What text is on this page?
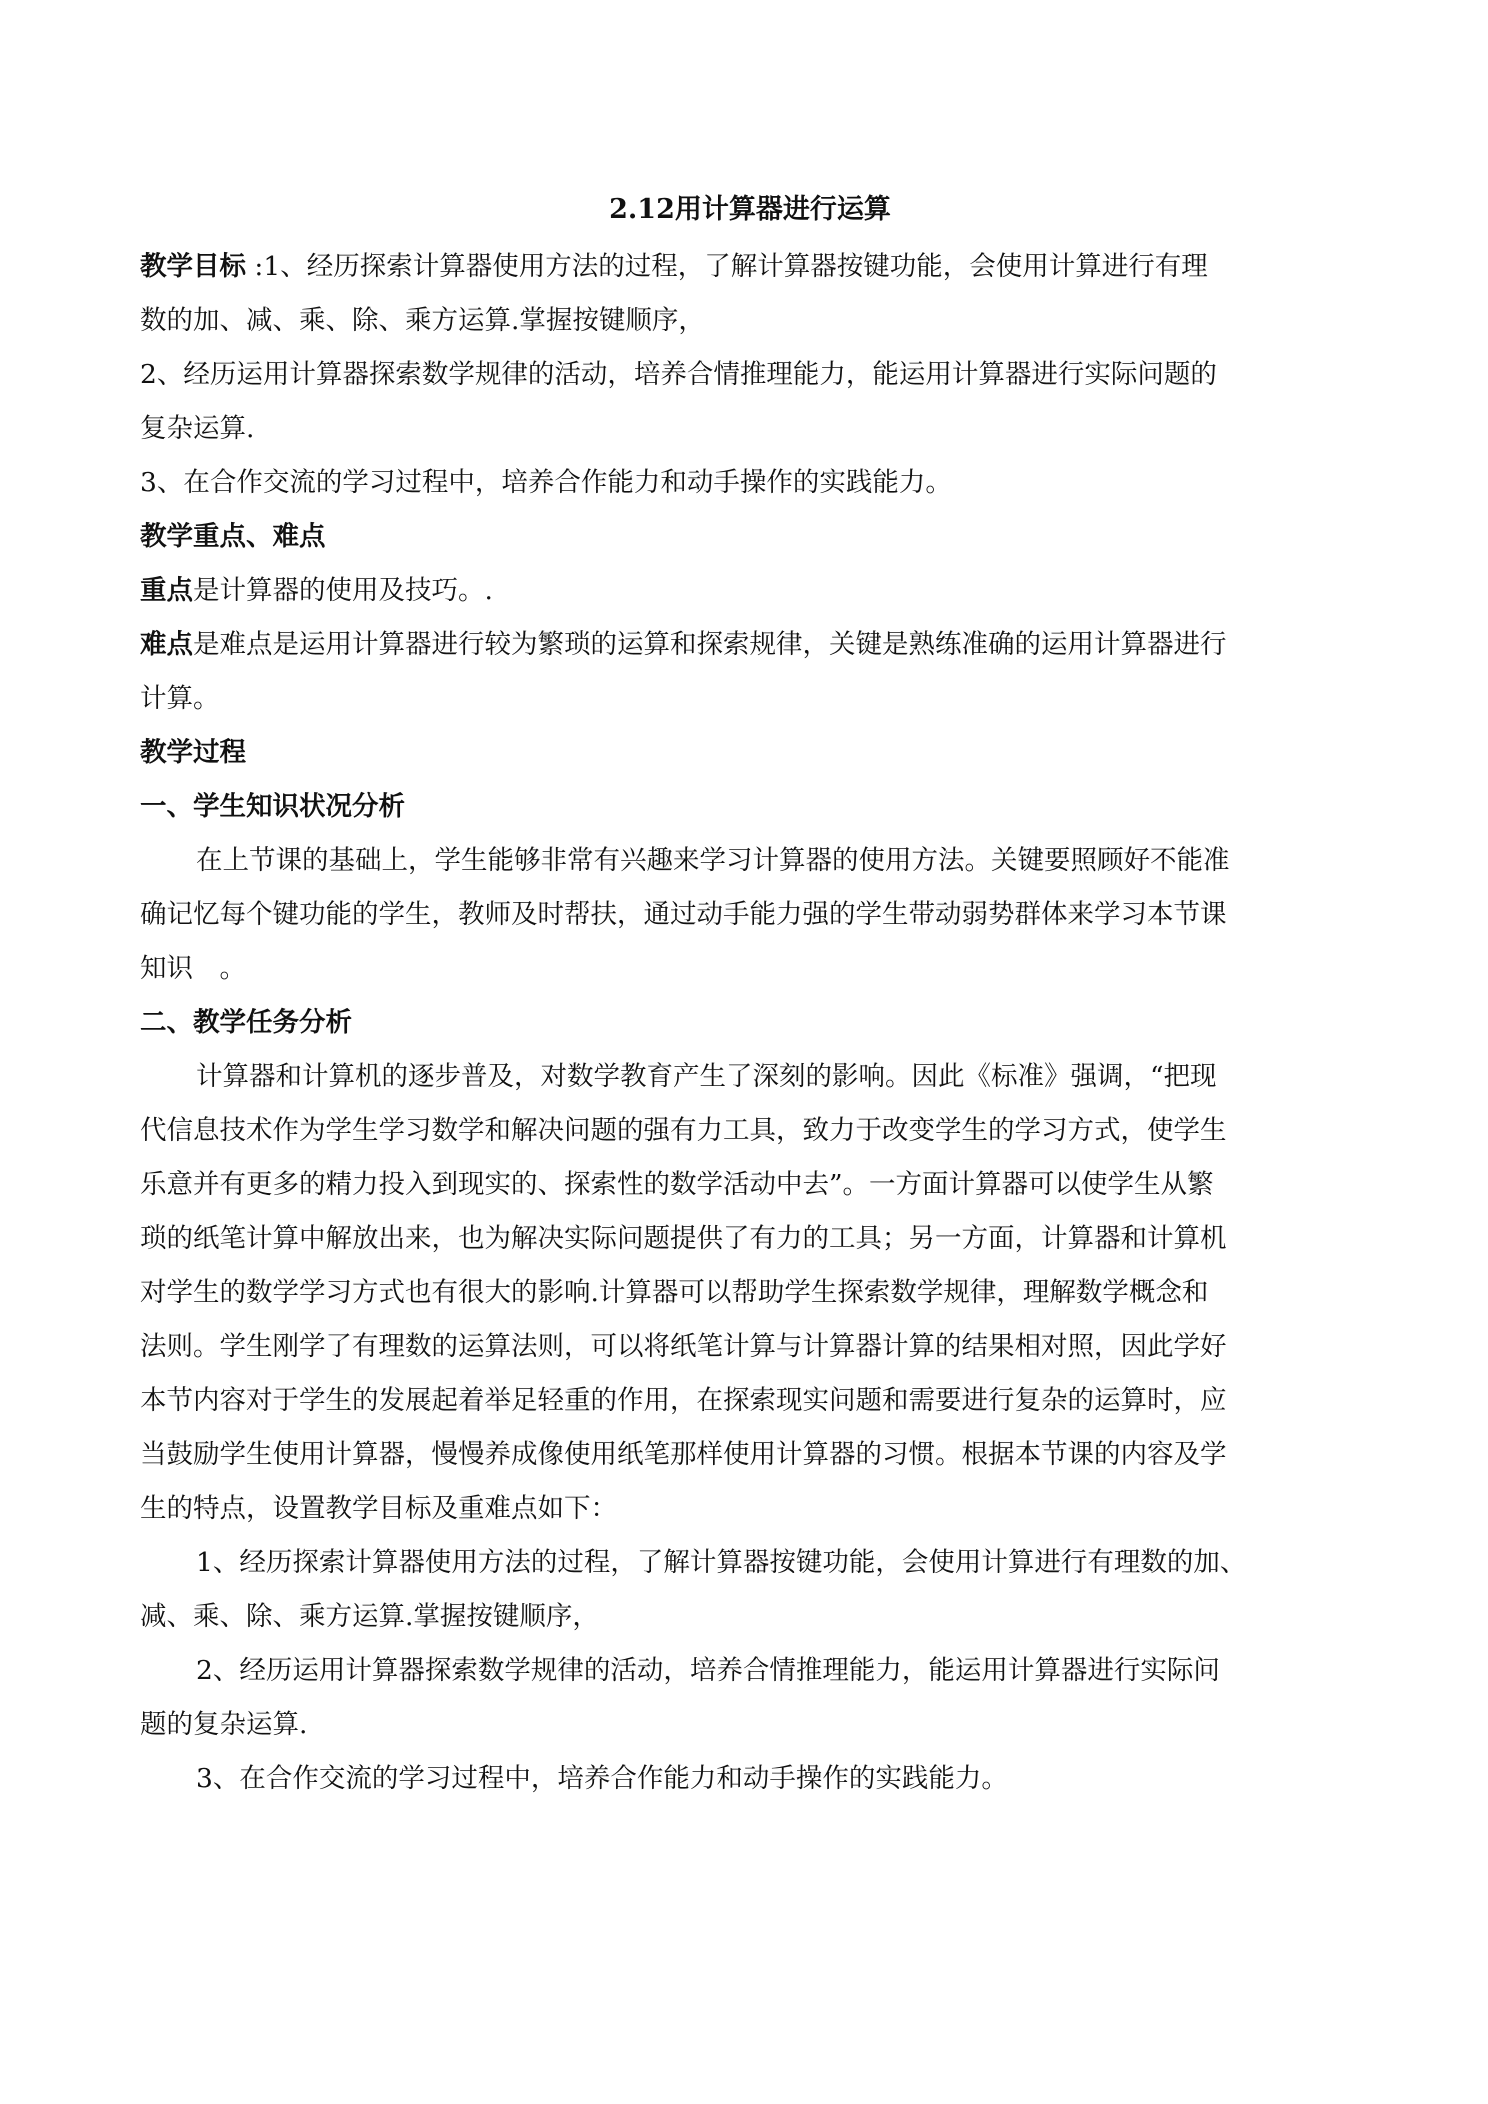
2.12用计算器进行运算

教学目标 :1、经历探索计算器使用方法的过程，了解计算器按键功能，会使用计算进行有理

数的加、减、乘、除、乘方运算.掌握按键顺序，

2、经历运用计算器探索数学规律的活动，培养合情推理能力，能运用计算器进行实际问题的

复杂运算.

3、在合作交流的学习过程中，培养合作能力和动手操作的实践能力。

教学重点、难点

重点是计算器的使用及技巧。.

难点是难点是运用计算器进行较为繁琐的运算和探索规律，关键是熟练准确的运用计算器进行

计算。

教学过程

一、学生知识状况分析

在上节课的基础上，学生能够非常有兴趣来学习计算器的使用方法。关键要照顾好不能准

确记忆每个键功能的学生，教师及时帮扶，通过动手能力强的学生带动弱势群体来学习本节课

知识　。

二、教学任务分析

计算器和计算机的逐步普及，对数学教育产生了深刻的影响。因此《标准》强调，“把现

代信息技术作为学生学习数学和解决问题的强有力工具，致力于改变学生的学习方式，使学生

乐意并有更多的精力投入到现实的、探索性的数学活动中去”。一方面计算器可以使学生从繁

琐的纸笔计算中解放出来，也为解决实际问题提供了有力的工具；另一方面，计算器和计算机

对学生的数学学习方式也有很大的影响.计算器可以帮助学生探索数学规律，理解数学概念和

法则。学生刚学了有理数的运算法则，可以将纸笔计算与计算器计算的结果相对照，因此学好

本节内容对于学生的发展起着举足轻重的作用，在探索现实问题和需要进行复杂的运算时，应

当鼓励学生使用计算器，慢慢养成像使用纸笔那样使用计算器的习惯。根据本节课的内容及学

生的特点，设置教学目标及重难点如下：

1、经历探索计算器使用方法的过程，了解计算器按键功能，会使用计算进行有理数的加、

减、乘、除、乘方运算.掌握按键顺序，

2、经历运用计算器探索数学规律的活动，培养合情推理能力，能运用计算器进行实际问

题的复杂运算.

3、在合作交流的学习过程中，培养合作能力和动手操作的实践能力。
